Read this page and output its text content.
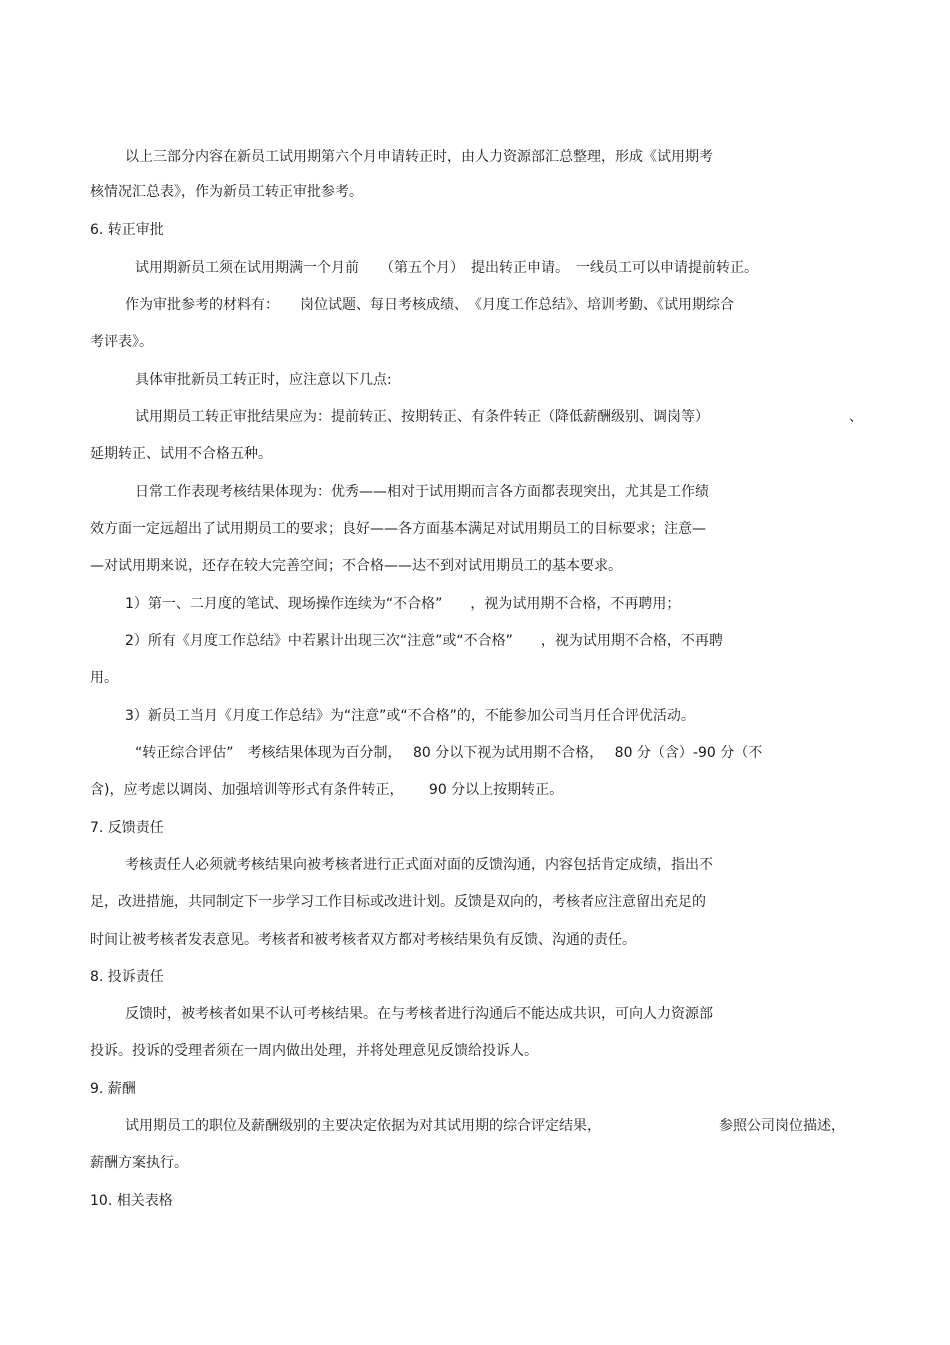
以上三部分内容在新员工试用期第六个月申请转正时，由人力资源部汇总整理，形成《试用期考
核情况汇总表》，作为新员工转正审批参考。
6. 转正审批
试用期新员工须在试用期满一个月前　　（第五个月）　提出转正申请。　一线员工可以申请提前转正。
作为审批参考的材料有：　　岗位试题、每日考核成绩、　《月度工作总结》、培训考勤、《试用期综合
考评表》。
具体审批新员工转正时，应注意以下几点:
试用期员工转正审批结果应为：提前转正、按期转正、有条件转正（降低薪酬级别、调岗等）	、
延期转正、试用不合格五种。
日常工作表现考核结果体现为：优秀——相对于试用期而言各方面都表现突出，尤其是工作绩
效方面一定远超出了试用期员工的要求；良好——各方面基本满足对试用期员工的目标要求；注意—
—对试用期来说，还存在较大完善空间；不合格——达不到对试用期员工的基本要求。
1）第一、二月度的笔试、现场操作连续为“不合格”　　，视为试用期不合格，不再聘用；
2）所有《月度工作总结》中若累计出现三次“注意”或“不合格”　　，视为试用期不合格，不再聘
用。
3）新员工当月《月度工作总结》为“注意”或“不合格”的，不能参加公司当月任合评优活动。
“转正综合评估”　考核结果体现为百分制，　 80 分以下视为试用期不合格，　 80 分（含）-90 分（不
含)，应考虑以调岗、加强培训等形式有条件转正，　　 90 分以上按期转正。
7. 反馈责任
考核责任人必须就考核结果向被考核者进行正式面对面的反馈沟通，内容包括肯定成绩，指出不
足，改进措施，共同制定下一步学习工作目标或改进计划。反馈是双向的，考核者应注意留出充足的
时间让被考核者发表意见。考核者和被考核者双方都对考核结果负有反馈、沟通的责任。
8. 投诉责任
反馈时，被考核者如果不认可考核结果。在与考核者进行沟通后不能达成共识，可向人力资源部
投诉。投诉的受理者须在一周内做出处理，并将处理意见反馈给投诉人。
9. 薪酬
试用期员工的职位及薪酬级别的主要决定依据为对其试用期的综合评定结果，	参照公司岗位描述，
薪酬方案执行。
10. 相关表格
